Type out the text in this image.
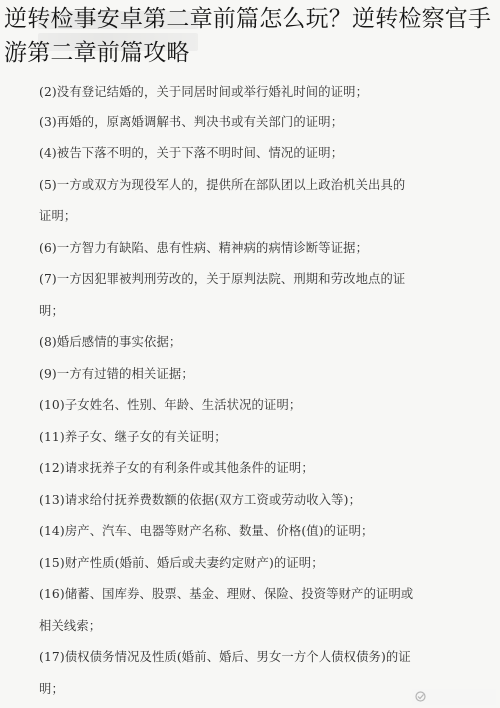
逆转检事安卓第二章前篇怎么玩？逆转检察官手游第二章前篇攻略
(2)没有登记结婚的，关于同居时间或举行婚礼时间的证明；
(3)再婚的，原离婚调解书、判决书或有关部门的证明；
(4)被告下落不明的，关于下落不明时间、情况的证明；
(5)一方或双方为现役军人的，提供所在部队团以上政治机关出具的
证明；
(6)一方智力有缺陷、患有性病、精神病的病情诊断等证据；
(7)一方因犯罪被判刑劳改的，关于原判法院、刑期和劳改地点的证
明；
(8)婚后感情的事实依据；
(9)一方有过错的相关证据；
(10)子女姓名、性别、年龄、生活状况的证明；
(11)养子女、继子女的有关证明；
(12)请求抚养子女的有利条件或其他条件的证明；
(13)请求给付抚养费数额的依据(双方工资或劳动收入等)；
(14)房产、汽车、电器等财产名称、数量、价格(值)的证明；
(15)财产性质(婚前、婚后或夫妻约定财产)的证明；
(16)储蓄、国库券、股票、基金、理财、保险、投资等财产的证明或
相关线索；
(17)债权债务情况及性质(婚前、婚后、男女一方个人债权债务)的证
明；
